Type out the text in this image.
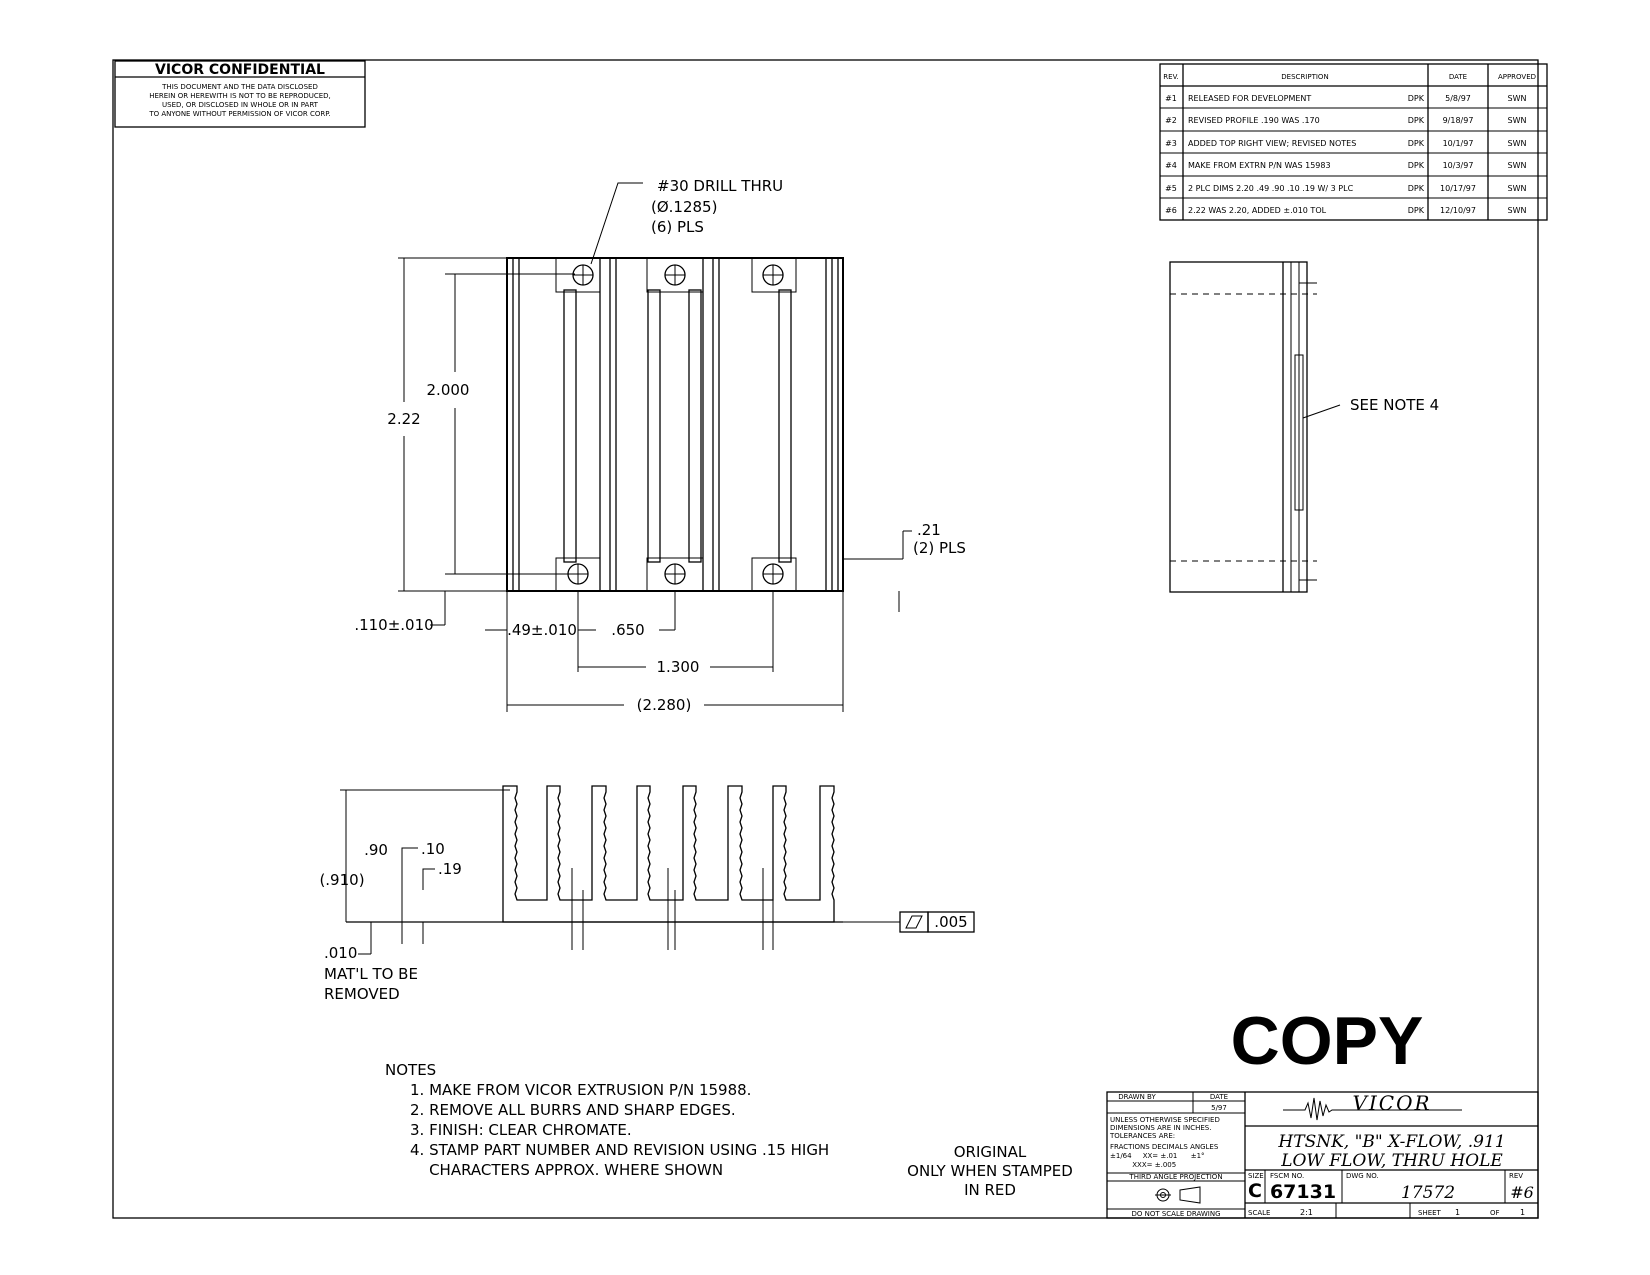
VICOR CONFIDENTIAL
THIS DOCUMENT AND THE DATA DISCLOSED
HEREIN OR HEREWITH IS NOT TO BE REPRODUCED,
USED, OR DISCLOSED IN WHOLE OR IN PART
TO ANYONE WITHOUT PERMISSION OF VICOR CORP.
REV.	DESCRIPTION	DATE	APPROVED
#1 RELEASED FOR DEVELOPMENT	DPK	5/8/97	SWN
#2 REVISED PROFILE .190 WAS .170	DPK 9/18/97	SWN
#3 ADDED TOP RIGHT VIEW; REVISED NOTES	DPK 10/1/97	SWN
#4 MAKE FROM EXTRN P/N WAS 15983	DPK 10/3/97	SWN
#5 2 PLC DIMS 2.20 .49 .90 .10 .19 W/ 3 PLC	DPK 10/17/97	SWN
#6 2.22 WAS 2.20, ADDED ±.010 TOL	DPK 12/10/97	SWN
#30 DRILL THRU
(Ø.1285)
(6) PLS
2.000
2.22
.110±.010
.21
(2) PLS
.49±.010 .650
1.300
(2.280)
SEE NOTE 4
.90
(.910)
.10
.19
.010
MAT'L TO BE
REMOVED
.005
NOTES
1. MAKE FROM VICOR EXTRUSION P/N 15988.
2. REMOVE ALL BURRS AND SHARP EDGES.
3. FINISH: CLEAR CHROMATE.
4. STAMP PART NUMBER AND REVISION USING .15 HIGH
CHARACTERS APPROX. WHERE SHOWN
COPY
ORIGINAL
ONLY WHEN STAMPED
IN RED
DRAWN BY	DATE
5/97
UNLESS OTHERWISE SPECIFIED
DIMENSIONS ARE IN INCHES.
TOLERANCES ARE:
FRACTIONS DECIMALS ANGLES
±1/64     XX= ±.01      ±1°
XXX= ±.005
THIRD ANGLE PROJECTION
DO NOT SCALE DRAWING
VICOR
HTSNK, "B" X-FLOW, .911
LOW FLOW, THRU HOLE
SIZE
C
FSCM NO.
67131
DWG NO.
17572
REV
#6
SCALE	2:1	SHEET 1	OF	1
